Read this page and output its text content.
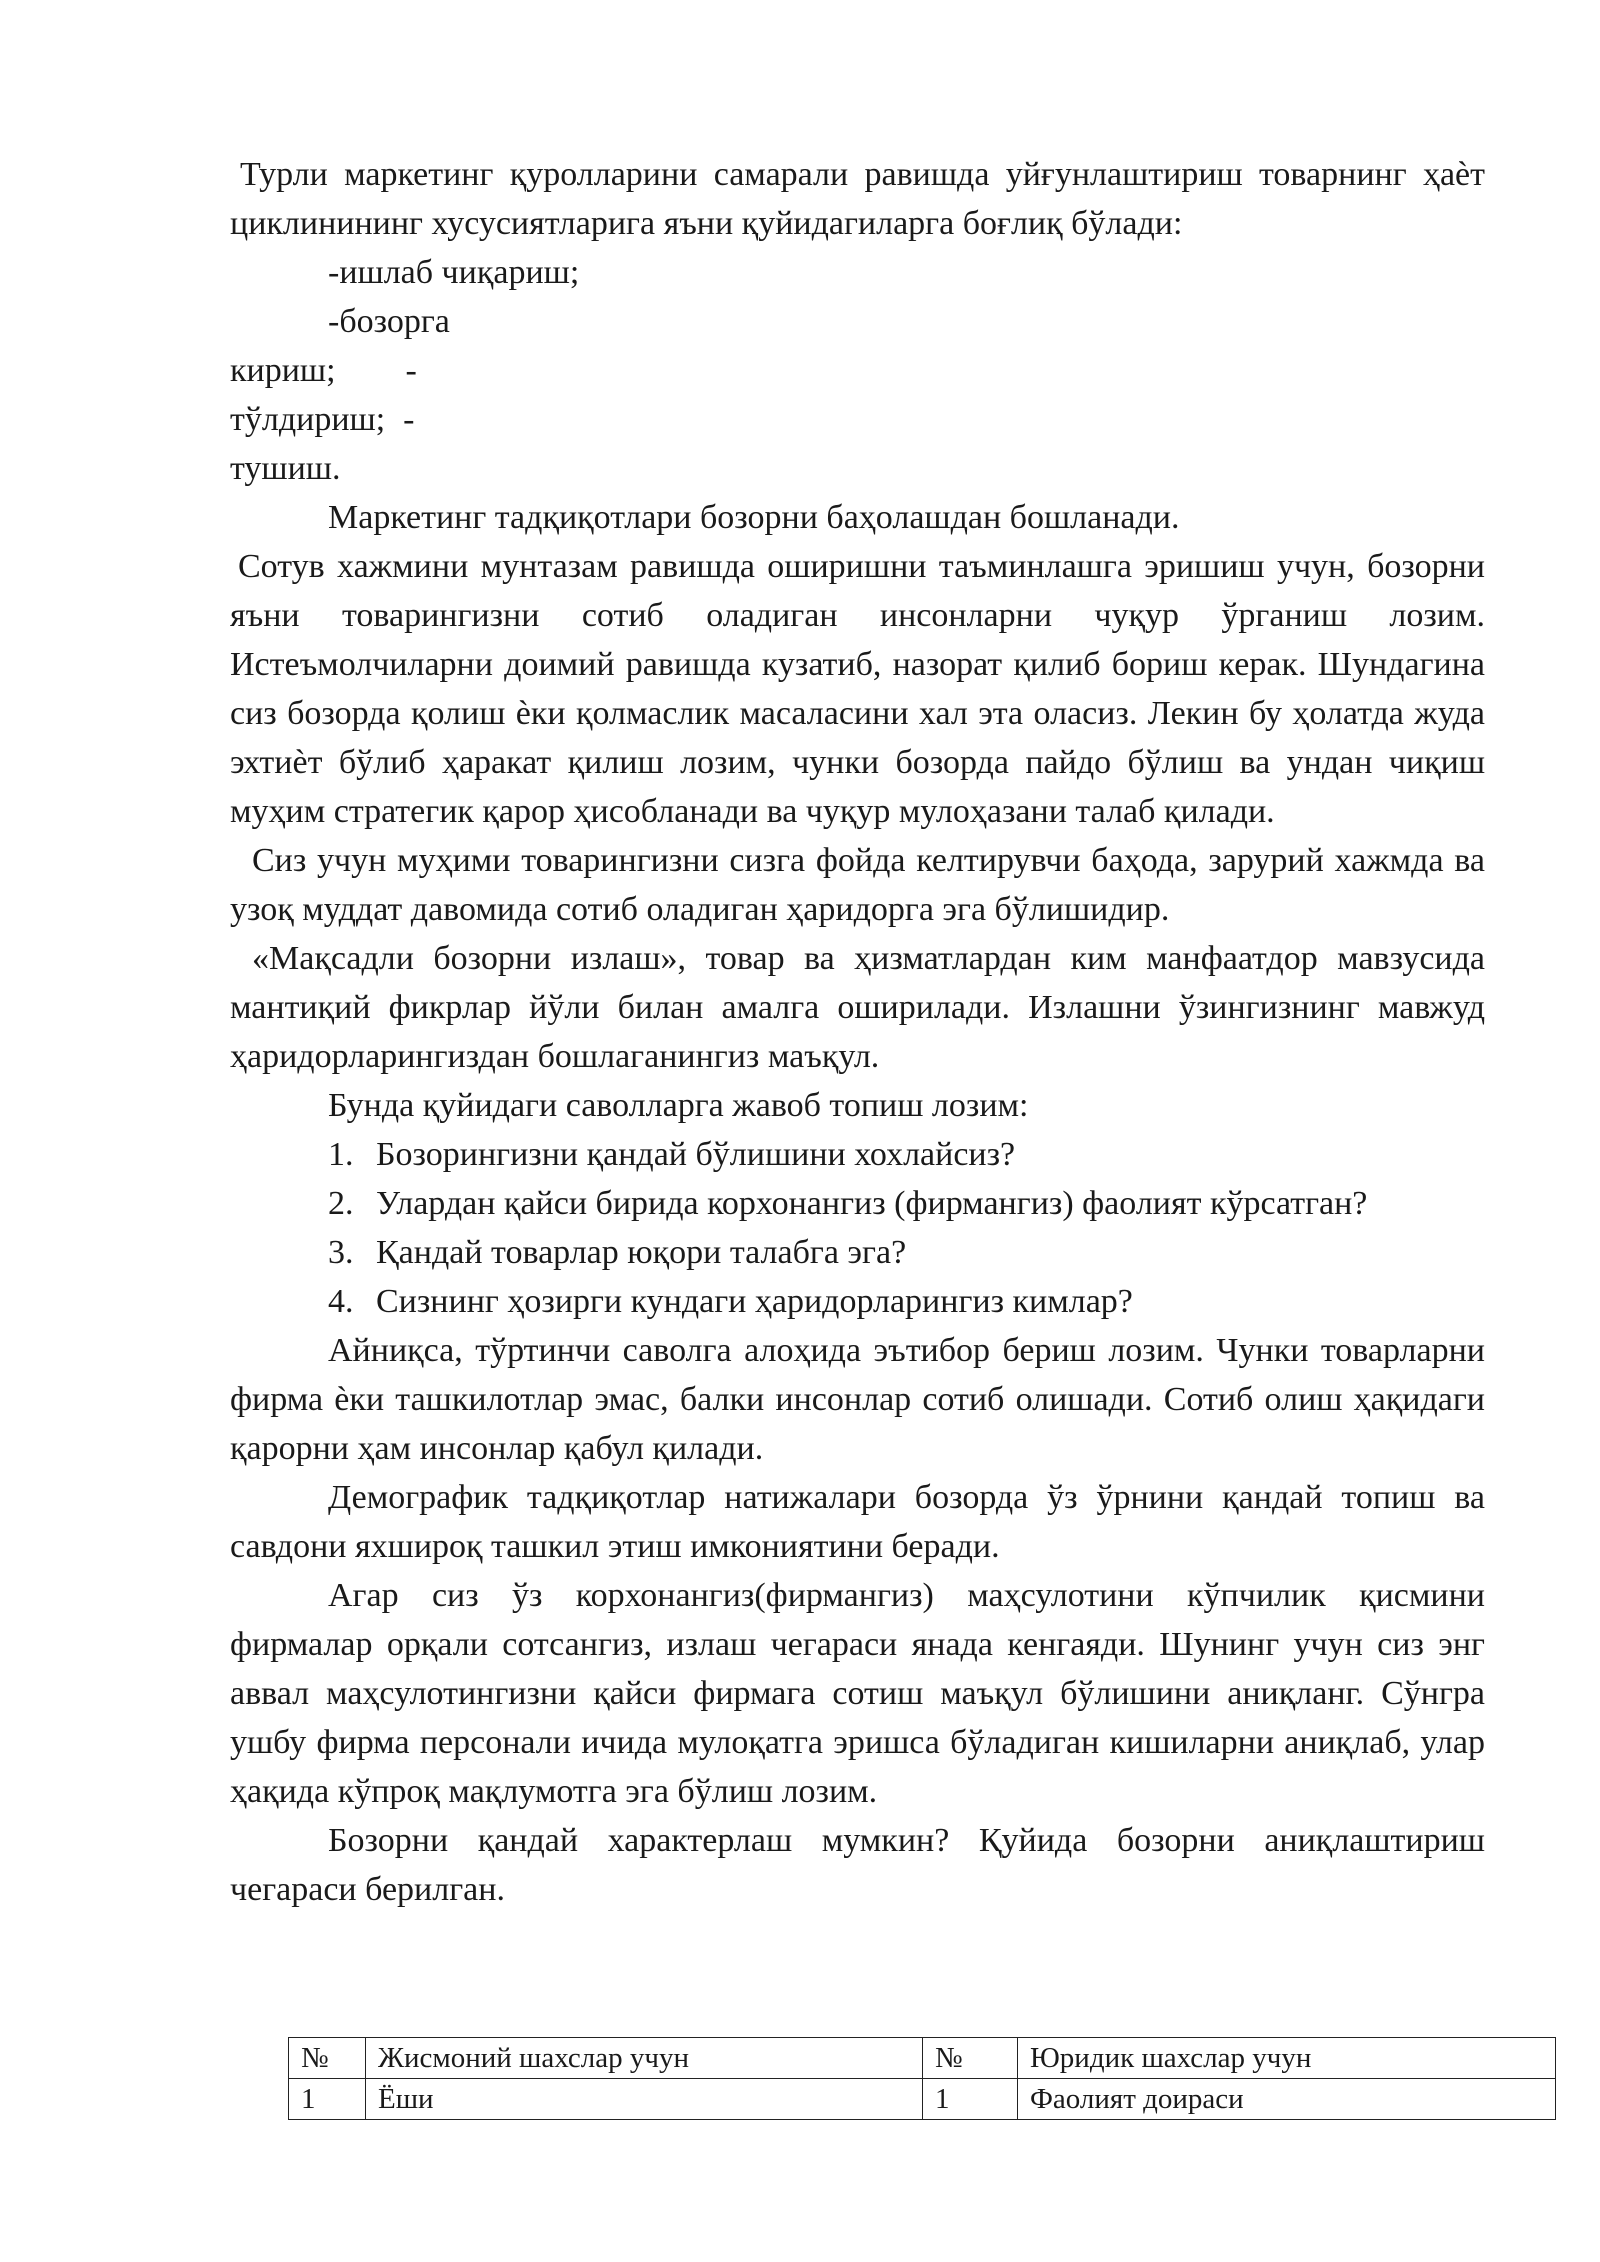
Турли маркетинг қуролларини самарали равишда уйғунлаштириш товарнинг ҳаѐт циклинининг хусусиятларига яъни қуйидагиларга боғлиқ бўлади:

-ишлаб чиқариш;

-бозорга

кириш; -

тўлдириш; -

тушиш.

Маркетинг тадқиқотлари бозорни баҳолашдан бошланади.

Сотув хажмини мунтазам равишда оширишни таъминлашга эришиш учун, бозорни яъни товарингизни сотиб оладиган инсонларни чуқур ўрганиш лозим. Истеъмолчиларни доимий равишда кузатиб, назорат қилиб бориш керак. Шундагина сиз бозорда қолиш ѐки қолмаслик масаласини хал эта оласиз. Лекин бу ҳолатда жуда эхтиѐт бўлиб ҳаракат қилиш лозим, чунки бозорда пайдо бўлиш ва ундан чиқиш муҳим стратегик қарор ҳисобланади ва чуқур мулоҳазани талаб қилади.

Сиз учун муҳими товарингизни сизга фойда келтирувчи баҳода, зарурий хажмда ва узоқ муддат давомида сотиб оладиган ҳаридорга эга бўлишидир.

«Мақсадли бозорни излаш», товар ва ҳизматлардан ким манфаатдор мавзусида мантиқий фикрлар йўли билан амалга оширилади. Излашни ўзингизнинг мавжуд ҳаридорларингиздан бошлаганингиз маъқул.

Бунда қуйидаги саволларга жавоб топиш лозим:

1. Бозорингизни қандай бўлишини хохлайсиз?

2. Улардан қайси бирида корхонангиз (фирмангиз) фаолият кўрсатган?

3. Қандай товарлар юқори талабга эга?

4. Сизнинг ҳозирги кундаги ҳаридорларингиз кимлар?

Айниқса, тўртинчи саволга алоҳида эътибор бериш лозим. Чунки товарларни фирма ѐки ташкилотлар эмас, балки инсонлар сотиб олишади. Сотиб олиш ҳақидаги қарорни ҳам инсонлар қабул қилади.

Демографик тадқиқотлар натижалари бозорда ўз ўрнини қандай топиш ва савдони яхшироқ ташкил этиш имкониятини беради.

Агар сиз ўз корхонангиз(фирмангиз) маҳсулотини кўпчилик қисмини фирмалар орқали сотсангиз, излаш чегараси янада кенгаяди. Шунинг учун сиз энг аввал маҳсулотингизни қайси фирмага сотиш маъқул бўлишини аниқланг. Сўнгра ушбу фирма персонали ичида мулоқатга эришса бўладиган кишиларни аниқлаб, улар ҳақида кўпроқ мақлумотга эга бўлиш лозим.

Бозорни қандай характерлаш мумкин? Қуйида бозорни аниқлаштириш чегараси берилган.

№	Жисмоний шахслар учун	№	Юридик шахслар учун
1	Ёши	1	Фаолият доираси
